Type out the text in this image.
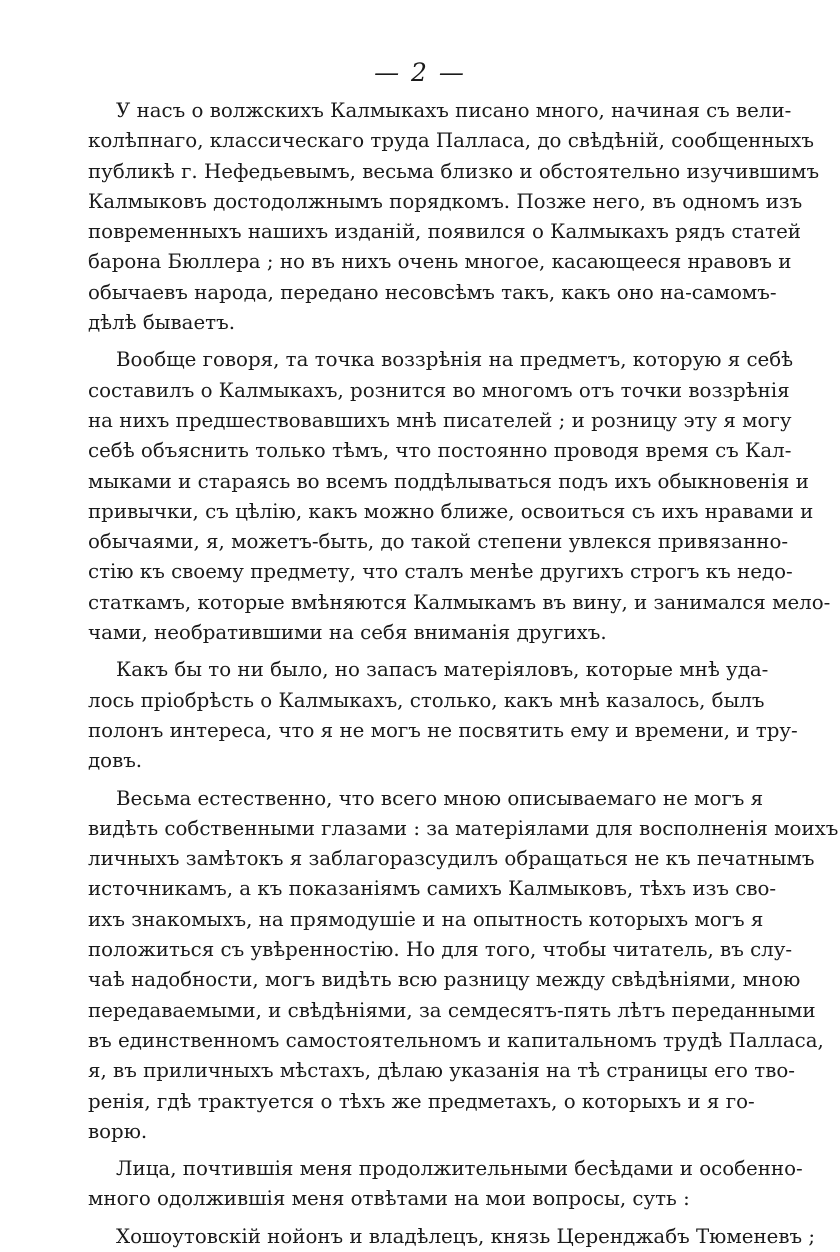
— 2 —
У насъ о волжскихъ Калмыкахъ писано много, начиная съ вели-
колѣпнаго, классическаго труда Палласа, до свѣдѣній, сообщенныхъ
публикѣ г. Нефедьевымъ, весьма близко и обстоятельно изучившимъ
Калмыковъ достодолжнымъ порядкомъ. Позже него, въ одномъ изъ
повременныхъ нашихъ изданій, появился о Калмыкахъ рядъ статей
барона Бюллера ; но въ нихъ очень многое, касающееся нравовъ и
обычаевъ народа, передано несовсѣмъ такъ, какъ оно на-самомъ-
дѣлѣ бываетъ.
Вообще говоря, та точка воззрѣнія на предметъ, которую я себѣ
составилъ о Калмыкахъ, рознится во многомъ отъ точки воззрѣнія
на нихъ предшествовавшихъ мнѣ писателей ; и розницу эту я могу
себѣ объяснить только тѣмъ, что постоянно проводя время съ Кал-
мыками и стараясь во всемъ поддѣлываться подъ ихъ обыкновенія и
привычки, съ цѣлію, какъ можно ближе, освоиться съ ихъ нравами и
обычаями, я, можетъ-быть, до такой степени увлекся привязанно-
стію къ своему предмету, что сталъ менѣе другихъ строгъ къ недо-
статкамъ, которые вмѣняются Калмыкамъ въ вину, и занимался мело-
чами, необратившими на себя вниманія другихъ.
Какъ бы то ни было, но запасъ матеріяловъ, которые мнѣ уда-
лось пріобрѣсть о Калмыкахъ, столько, какъ мнѣ казалось, былъ
полонъ интереса, что я не могъ не посвятить ему и времени, и тру-
довъ.
Весьма естественно, что всего мною описываемаго не могъ я
видѣть собственными глазами : за матеріялами для восполненія моихъ
личныхъ замѣтокъ я заблагоразсудилъ обращаться не къ печатнымъ
источникамъ, а къ показаніямъ самихъ Калмыковъ, тѣхъ изъ сво-
ихъ знакомыхъ, на прямодушіе и на опытность которыхъ могъ я
положиться съ увѣренностію. Но для того, чтобы читатель, въ слу-
чаѣ надобности, могъ видѣть всю разницу между свѣдѣніями, мною
передаваемыми, и свѣдѣніями, за семдесятъ-пять лѣтъ переданными
въ единственномъ самостоятельномъ и капитальномъ трудѣ Палласа,
я, въ приличныхъ мѣстахъ, дѣлаю указанія на тѣ страницы его тво-
ренія, гдѣ трактуется о тѣхъ же предметахъ, о которыхъ и я го-
ворю.
Лица, почтившія меня продолжительными бесѣдами и особенно-
много одолжившія меня отвѣтами на мои вопросы, суть :
Хошоутовскій нойонъ и владѣлецъ, князь Церенджабъ Тюменевъ ;
